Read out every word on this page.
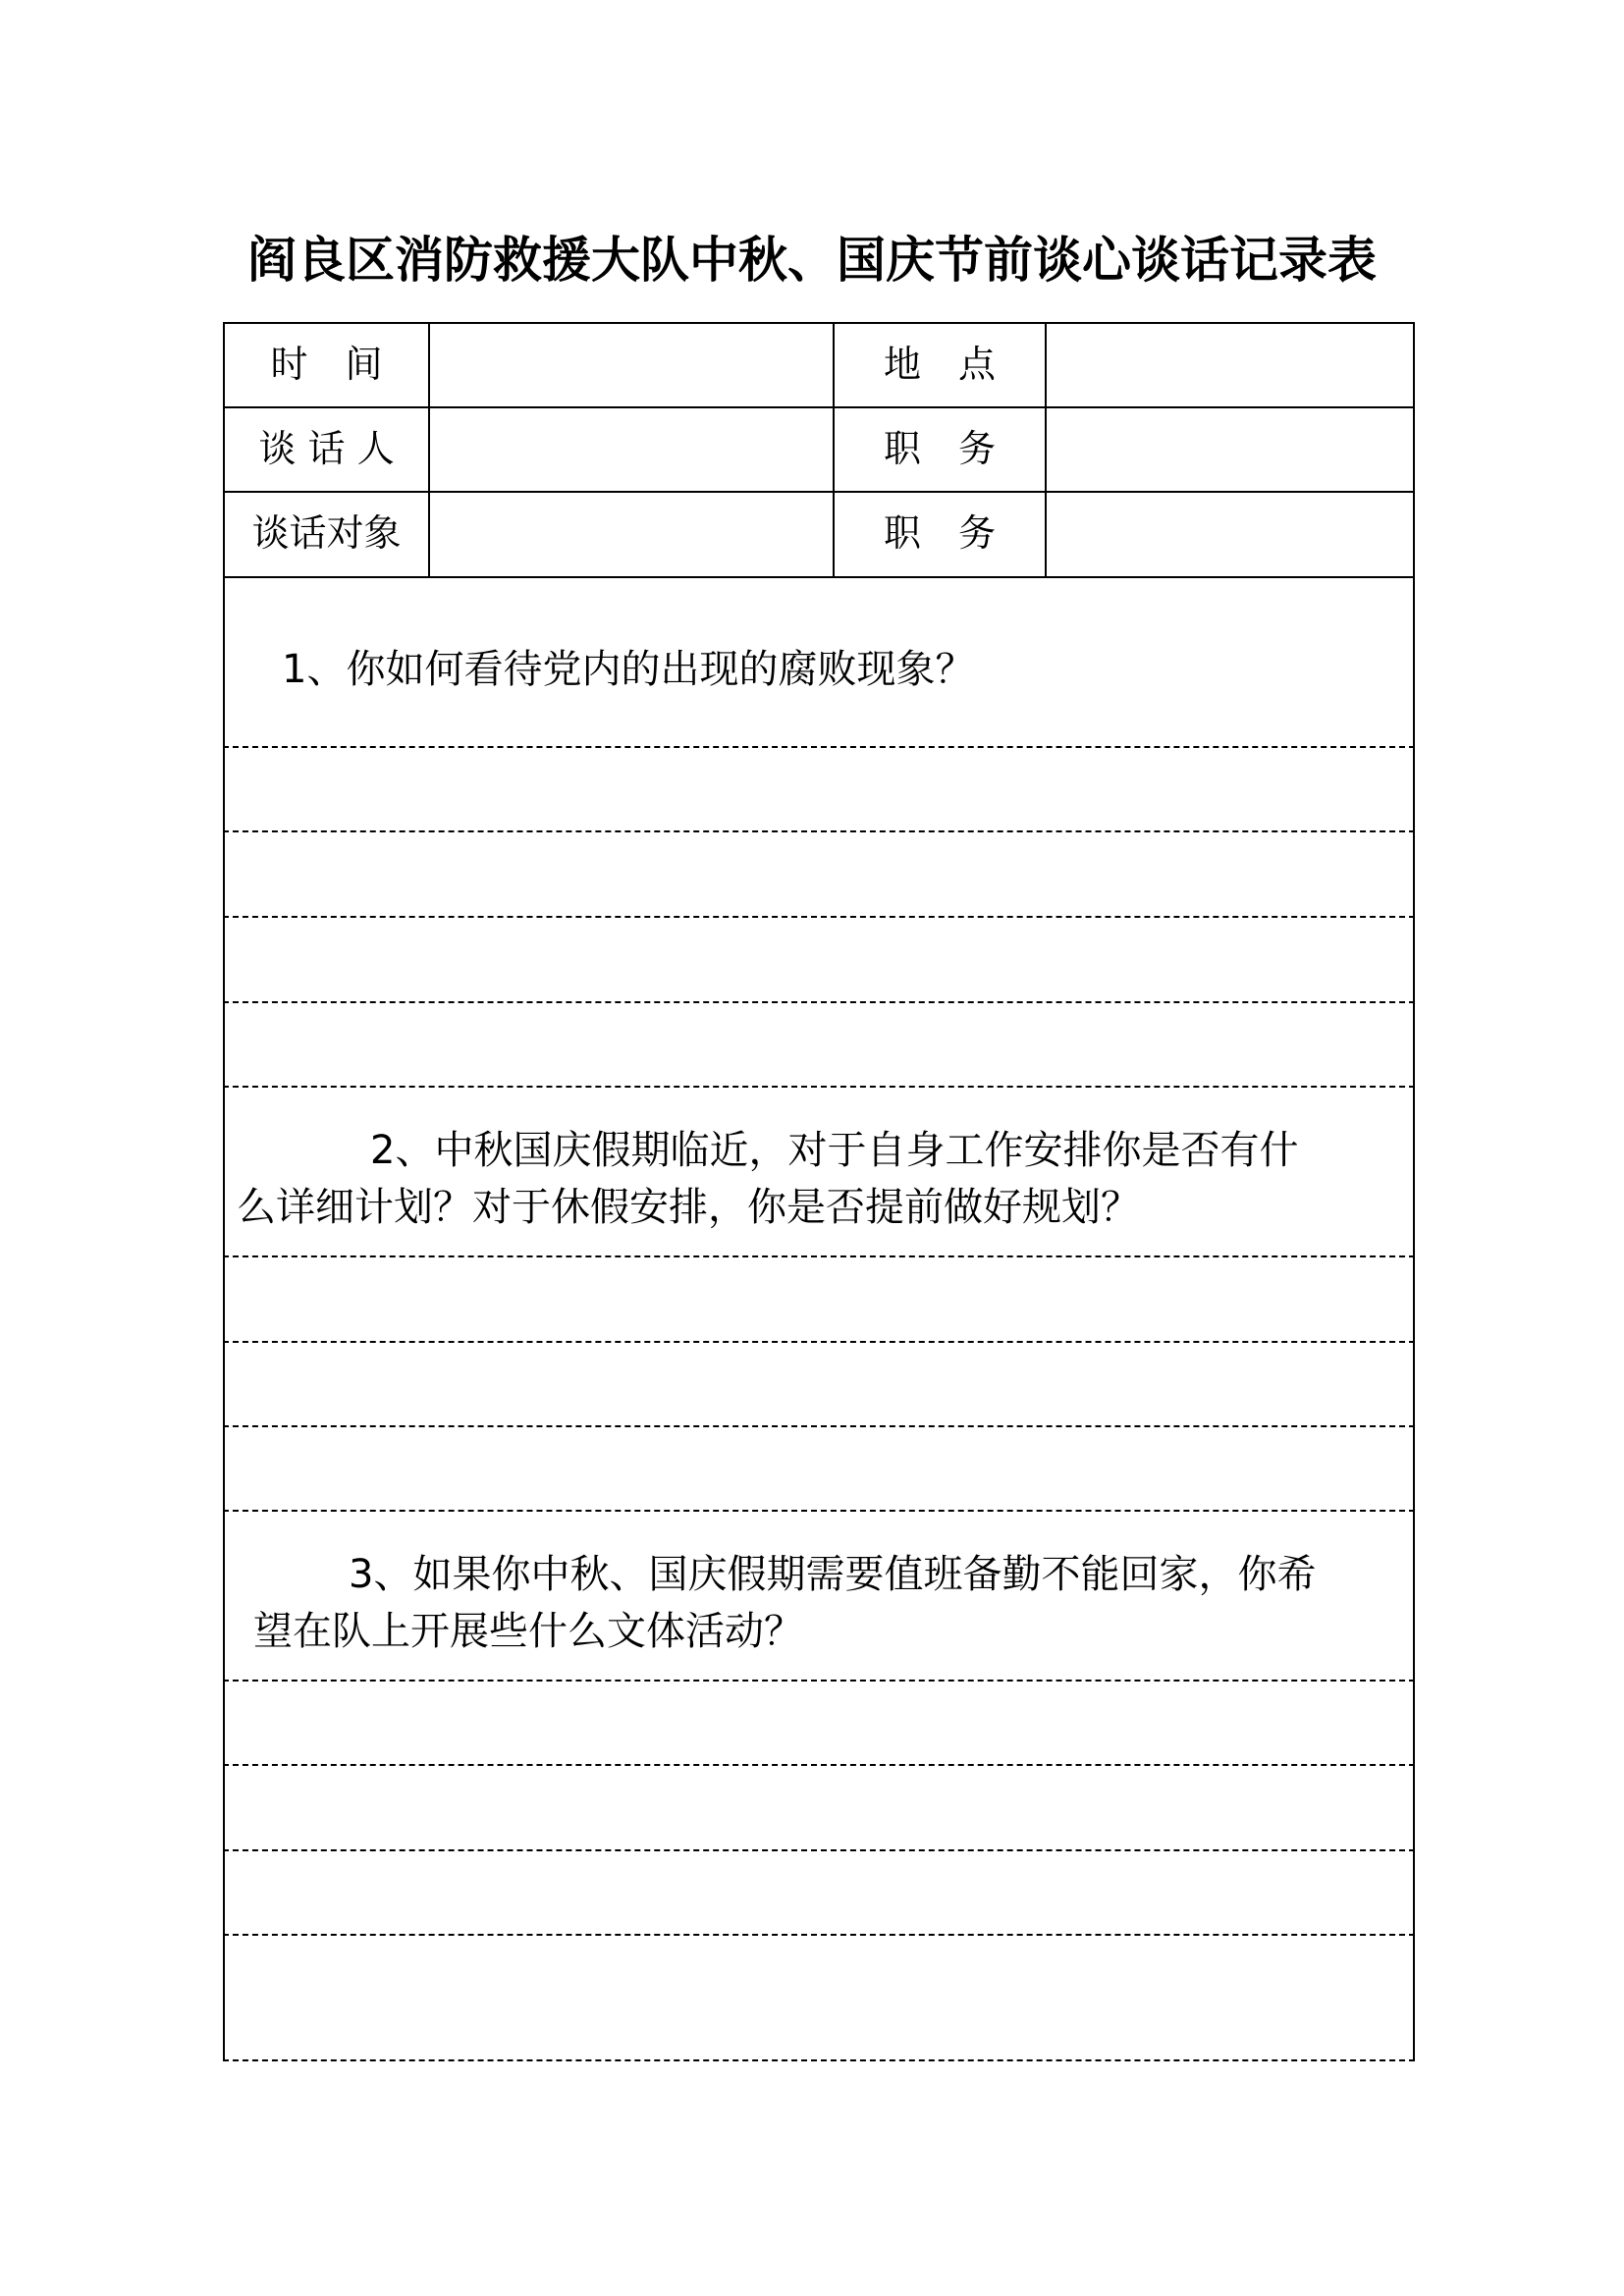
阎良区消防救援大队中秋、国庆节前谈心谈话记录表
时　间	地　点
谈 话 人	职　务
谈话对象	职　务
1、你如何看待党内的出现的腐败现象？
2、中秋国庆假期临近，对于自身工作安排你是否有什
么详细计划？对于休假安排，你是否提前做好规划？
3、如果你中秋、国庆假期需要值班备勤不能回家，你希
望在队上开展些什么文体活动？
